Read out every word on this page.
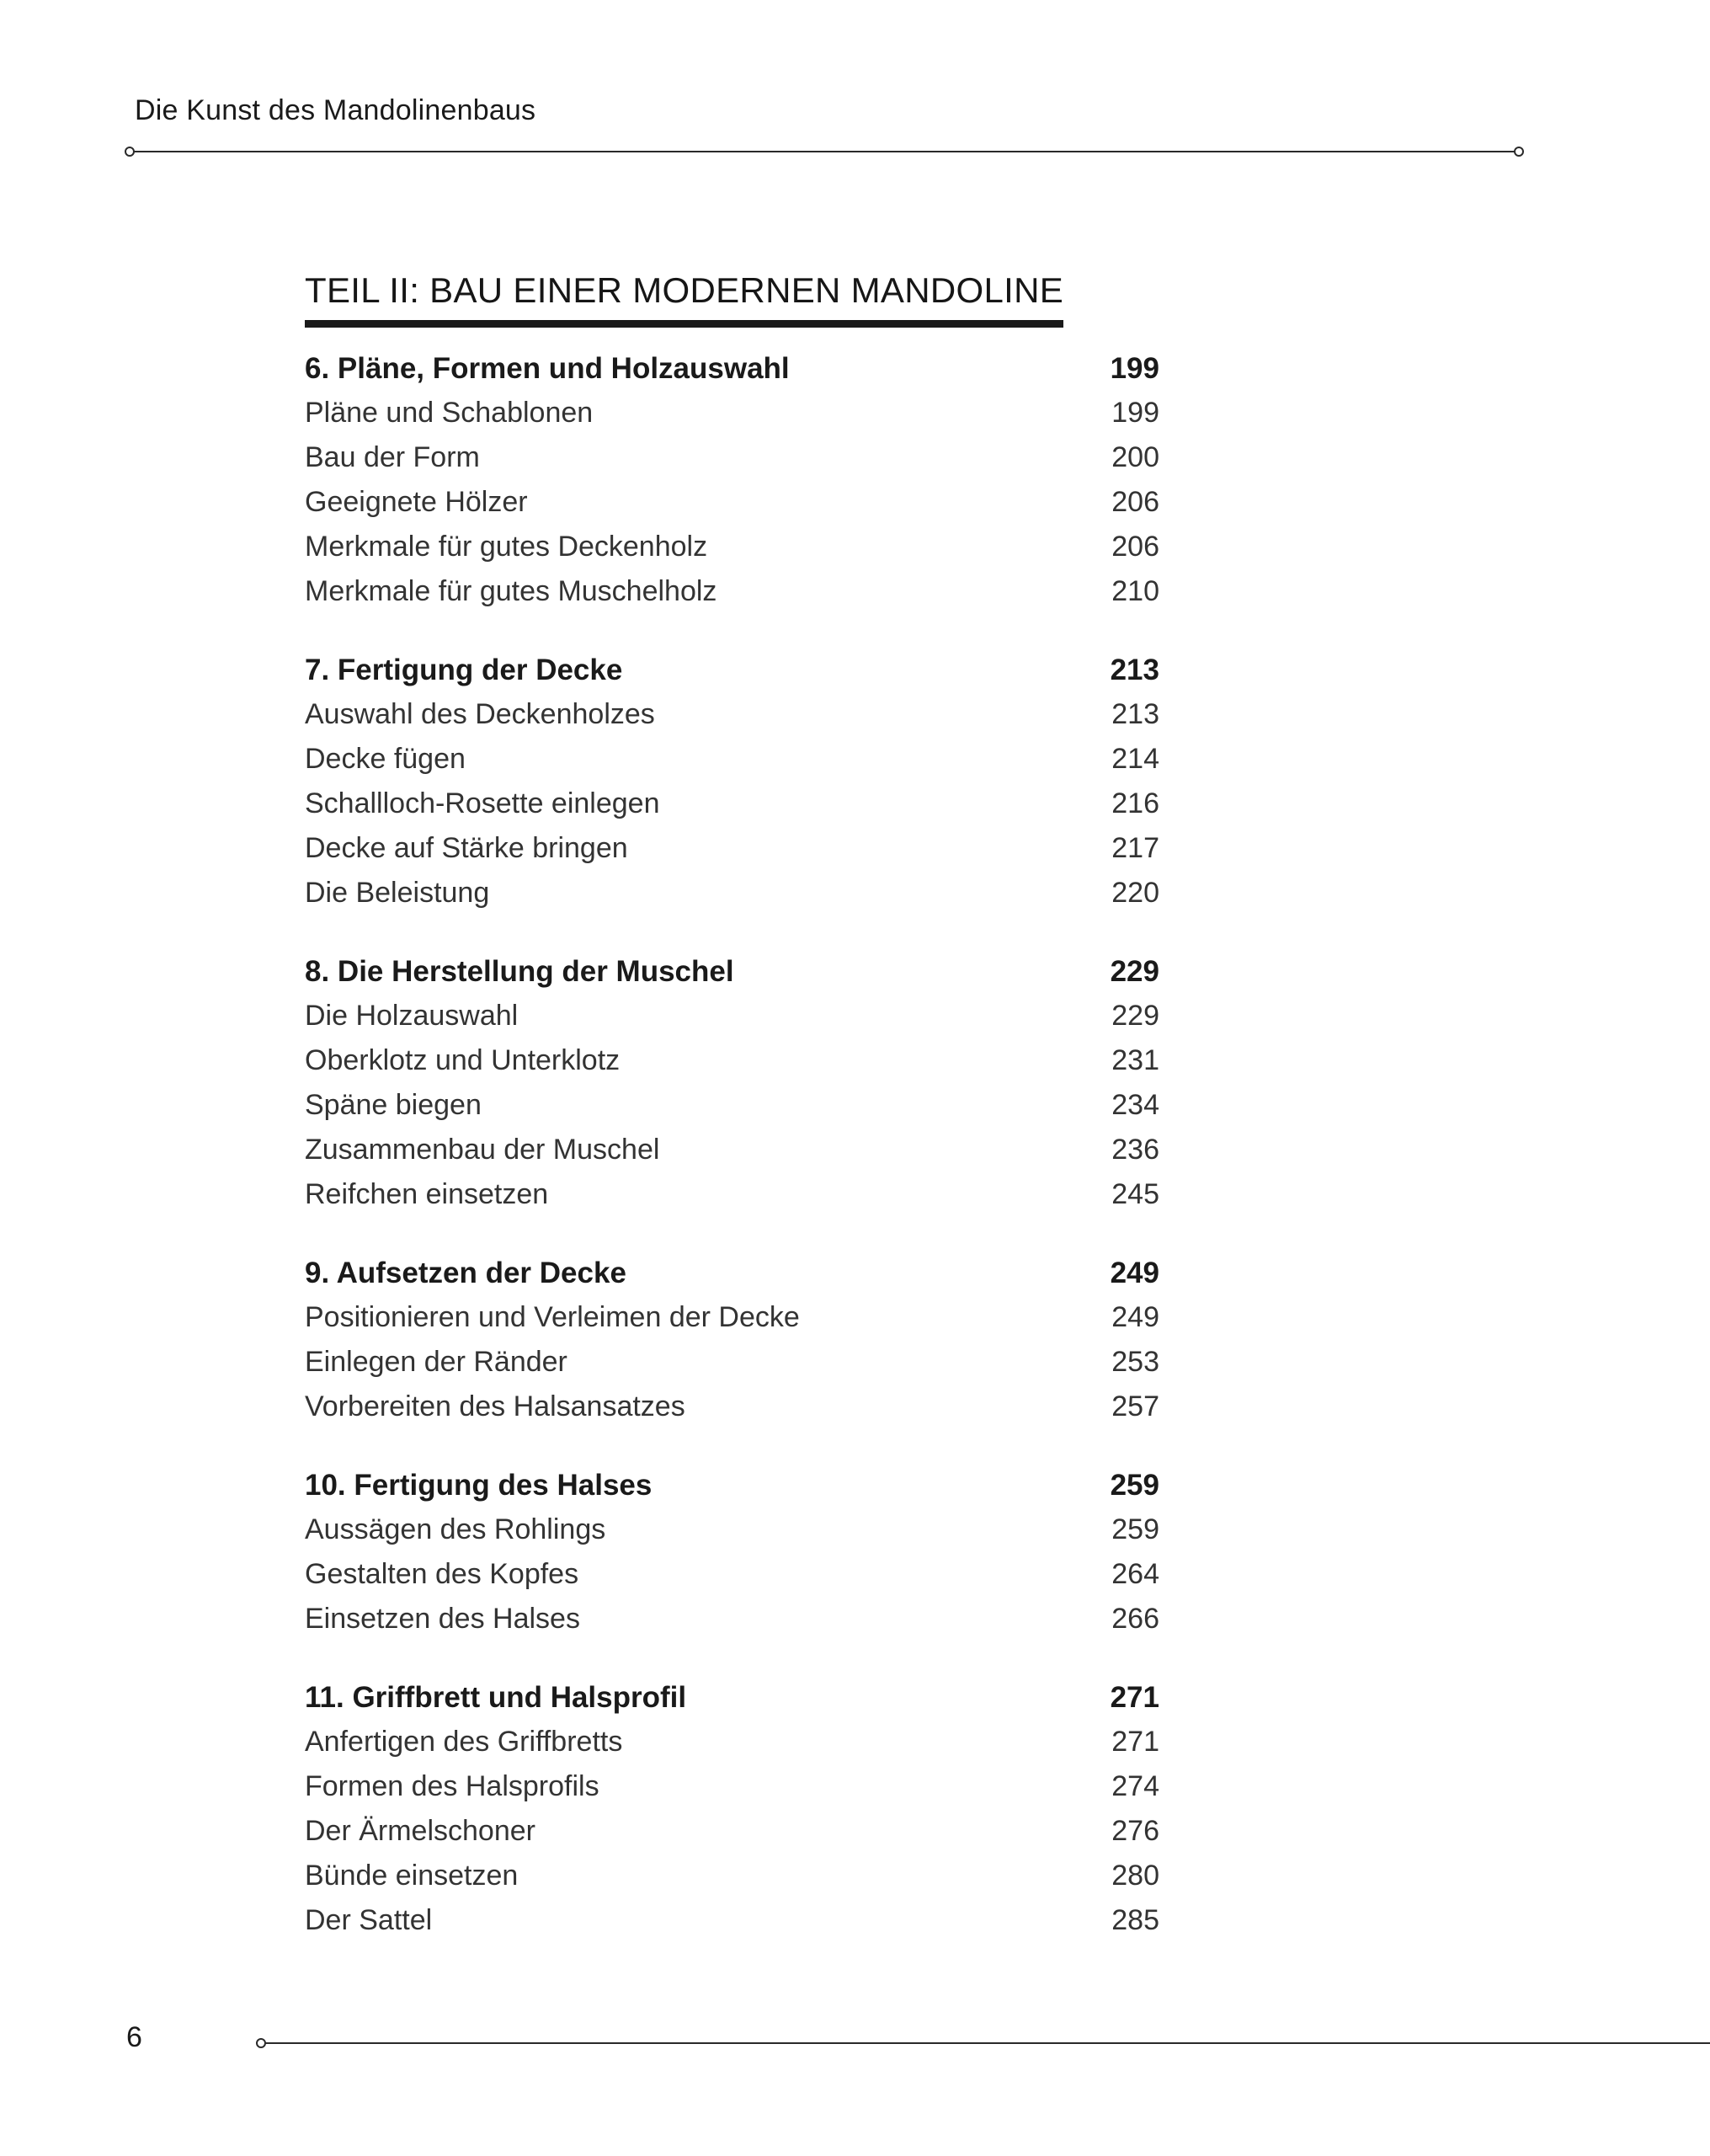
Die Kunst des Mandolinenbaus
TEIL II: BAU EINER MODERNEN MANDOLINE
6. Pläne, Formen und Holzauswahl	199
Pläne und Schablonen	199
Bau der Form	200
Geeignete Hölzer	206
Merkmale für gutes Deckenholz	206
Merkmale für gutes Muschelholz	210
7. Fertigung der Decke	213
Auswahl des Deckenholzes	213
Decke fügen	214
Schallloch-Rosette einlegen	216
Decke auf Stärke bringen	217
Die Beleistung	220
8. Die Herstellung der Muschel	229
Die Holzauswahl	229
Oberklotz und Unterklotz	231
Späne biegen	234
Zusammenbau der Muschel	236
Reifchen einsetzen	245
9. Aufsetzen der Decke	249
Positionieren und Verleimen der Decke	249
Einlegen der Ränder	253
Vorbereiten des Halsansatzes	257
10. Fertigung des Halses	259
Aussägen des Rohlings	259
Gestalten des Kopfes	264
Einsetzen des Halses	266
11. Griffbrett und Halsprofil	271
Anfertigen des Griffbretts	271
Formen des Halsprofils	274
Der Ärmelschoner	276
Bünde einsetzen	280
Der Sattel	285
6
